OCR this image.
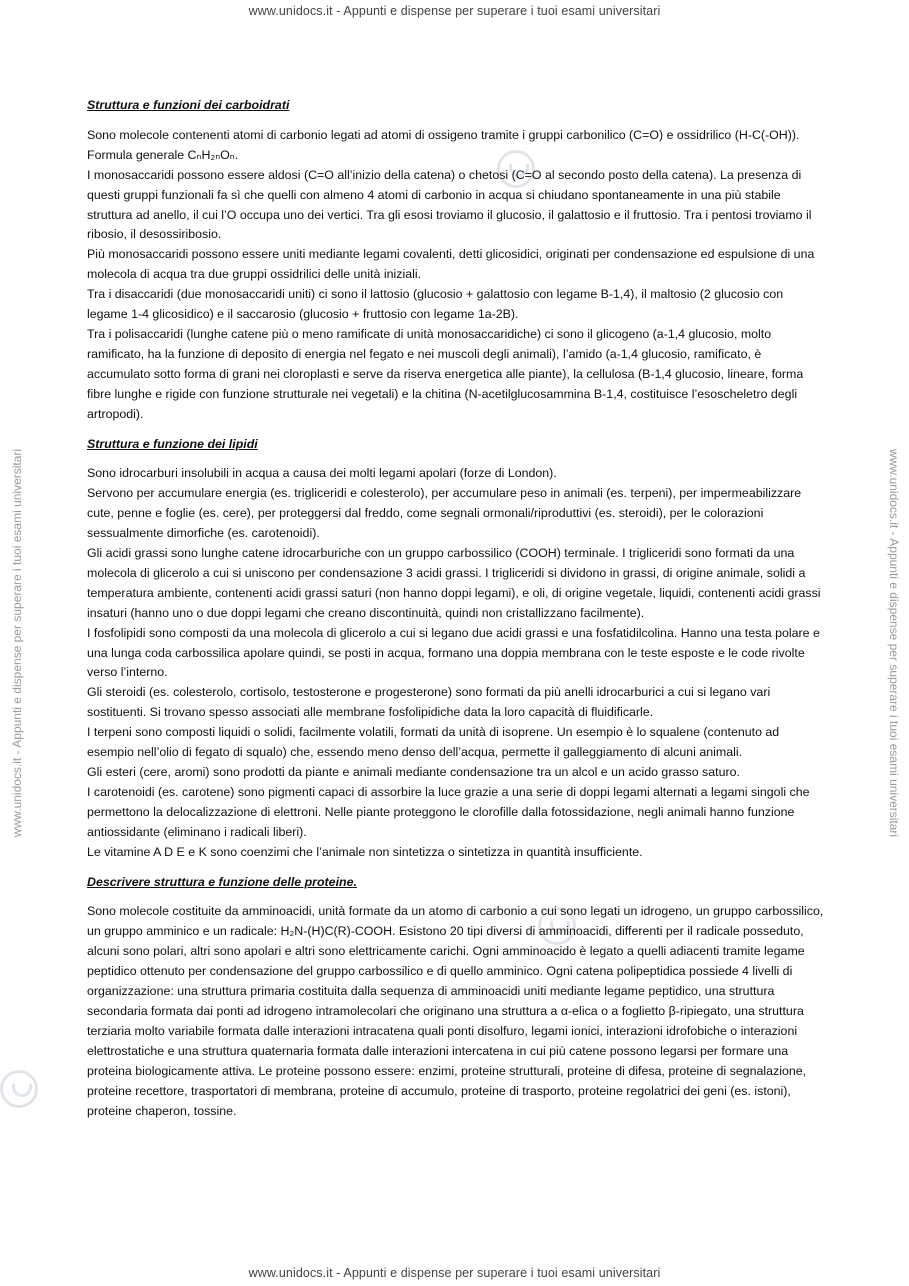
www.unidocs.it - Appunti e dispense per superare i tuoi esami universitari
www.unidocs.it - Appunti e dispense per superare i tuoi esami universitari	www.unidocs.it - Appunti e dispense per superare i tuoi esami universitari

Struttura e funzioni dei carboidrati

Sono molecole contenenti atomi di carbonio legati ad atomi di ossigeno tramite i gruppi carbonilico (C=O) e ossidrilico (H-C(-OH)). Formula generale CₙH₂ₙOₙ.

I monosaccaridi possono essere aldosi (C=O all’inizio della catena) o chetosi (C=O al secondo posto della catena). La presenza di questi gruppi funzionali fa sì che quelli con almeno 4 atomi di carbonio in acqua si chiudano spontaneamente in una più stabile struttura ad anello, il cui l’O occupa uno dei vertici. Tra gli esosi troviamo il glucosio, il galattosio e il fruttosio. Tra i pentosi troviamo il ribosio, il desossiribosio.

Più monosaccaridi possono essere uniti mediante legami covalenti, detti glicosidici, originati per condensazione ed espulsione di una molecola di acqua tra due gruppi ossidrilici delle unità iniziali.

Tra i disaccaridi (due monosaccaridi uniti) ci sono il lattosio (glucosio + galattosio con legame B-1,4), il maltosio (2 glucosio con legame 1-4 glicosidico) e il saccarosio (glucosio + fruttosio con legame 1a-2B).

Tra i polisaccaridi (lunghe catene più o meno ramificate di unità monosaccaridiche) ci sono il glicogeno (a-1,4 glucosio, molto ramificato, ha la funzione di deposito di energia nel fegato e nei muscoli degli animali), l’amido (a-1,4 glucosio, ramificato, è accumulato sotto forma di grani nei cloroplasti e serve da riserva energetica alle piante), la cellulosa (B-1,4 glucosio, lineare, forma fibre lunghe e rigide con funzione strutturale nei vegetali) e la chitina (N-acetilglucosammina B-1,4, costituisce l’esoscheletro degli artropodi).

Struttura e funzione dei lipidi

Sono idrocarburi insolubili in acqua a causa dei molti legami apolari (forze di London).

Servono per accumulare energia (es. trigliceridi e colesterolo), per accumulare peso in animali (es. terpeni), per impermeabilizzare cute, penne e foglie (es. cere), per proteggersi dal freddo, come segnali ormonali/riproduttivi (es. steroidi), per le colorazioni sessualmente dimorfiche (es. carotenoidi).

Gli acidi grassi sono lunghe catene idrocarburiche con un gruppo carbossilico (COOH) terminale. I trigliceridi sono formati da una molecola di glicerolo a cui si uniscono per condensazione 3 acidi grassi. I trigliceridi si dividono in grassi, di origine animale, solidi a temperatura ambiente, contenenti acidi grassi saturi (non hanno doppi legami), e oli, di origine vegetale, liquidi, contenenti acidi grassi insaturi (hanno uno o due doppi legami che creano discontinuità, quindi non cristallizzano facilmente).

I fosfolipidi sono composti da una molecola di glicerolo a cui si legano due acidi grassi e una fosfatidilcolina. Hanno una testa polare e una lunga coda carbossilica apolare quindi, se posti in acqua, formano una doppia membrana con le teste esposte e le code rivolte verso l’interno.

Gli steroidi (es. colesterolo, cortisolo, testosterone e progesterone) sono formati da più anelli idrocarburici a cui si legano vari sostituenti. Si trovano spesso associati alle membrane fosfolipidiche data la loro capacità di fluidificarle.

I terpeni sono composti liquidi o solidi, facilmente volatili, formati da unità di isoprene. Un esempio è lo squalene (contenuto ad esempio nell’olio di fegato di squalo) che, essendo meno denso dell’acqua, permette il galleggiamento di alcuni animali.

Gli esteri (cere, aromi) sono prodotti da piante e animali mediante condensazione tra un alcol e un acido grasso saturo.

I carotenoidi (es. carotene) sono pigmenti capaci di assorbire la luce grazie a una serie di doppi legami alternati a legami singoli che permettono la delocalizzazione di elettroni. Nelle piante proteggono le clorofille dalla fotossidazione, negli animali hanno funzione antiossidante (eliminano i radicali liberi).

Le vitamine A D E e K sono coenzimi che l’animale non sintetizza o sintetizza in quantità insufficiente.

Descrivere struttura e funzione delle proteine.

Sono molecole costituite da amminoacidi, unità formate da un atomo di carbonio a cui sono legati un idrogeno, un gruppo carbossilico, un gruppo amminico e un radicale: H₂N-(H)C(R)-COOH. Esistono 20 tipi diversi di amminoacidi, differenti per il radicale posseduto, alcuni sono polari, altri sono apolari e altri sono elettricamente carichi. Ogni amminoacido è legato a quelli adiacenti tramite legame peptidico ottenuto per condensazione del gruppo carbossilico e di quello amminico. Ogni catena polipeptidica possiede 4 livelli di organizzazione: una struttura primaria costituita dalla sequenza di amminoacidi uniti mediante legame peptidico, una struttura secondaria formata dai ponti ad idrogeno intramolecolari che originano una struttura a α-elica o a foglietto β-ripiegato, una struttura terziaria molto variabile formata dalle interazioni intracatena quali ponti disolfuro, legami ionici, interazioni idrofobiche o interazioni elettrostatiche e una struttura quaternaria formata dalle interazioni intercatena in cui più catene possono legarsi per formare una proteina biologicamente attiva. Le proteine possono essere: enzimi, proteine strutturali, proteine di difesa, proteine di segnalazione, proteine recettore, trasportatori di membrana, proteine di accumulo, proteine di trasporto, proteine regolatrici dei geni (es. istoni), proteine chaperon, tossine.

www.unidocs.it - Appunti e dispense per superare i tuoi esami universitari
